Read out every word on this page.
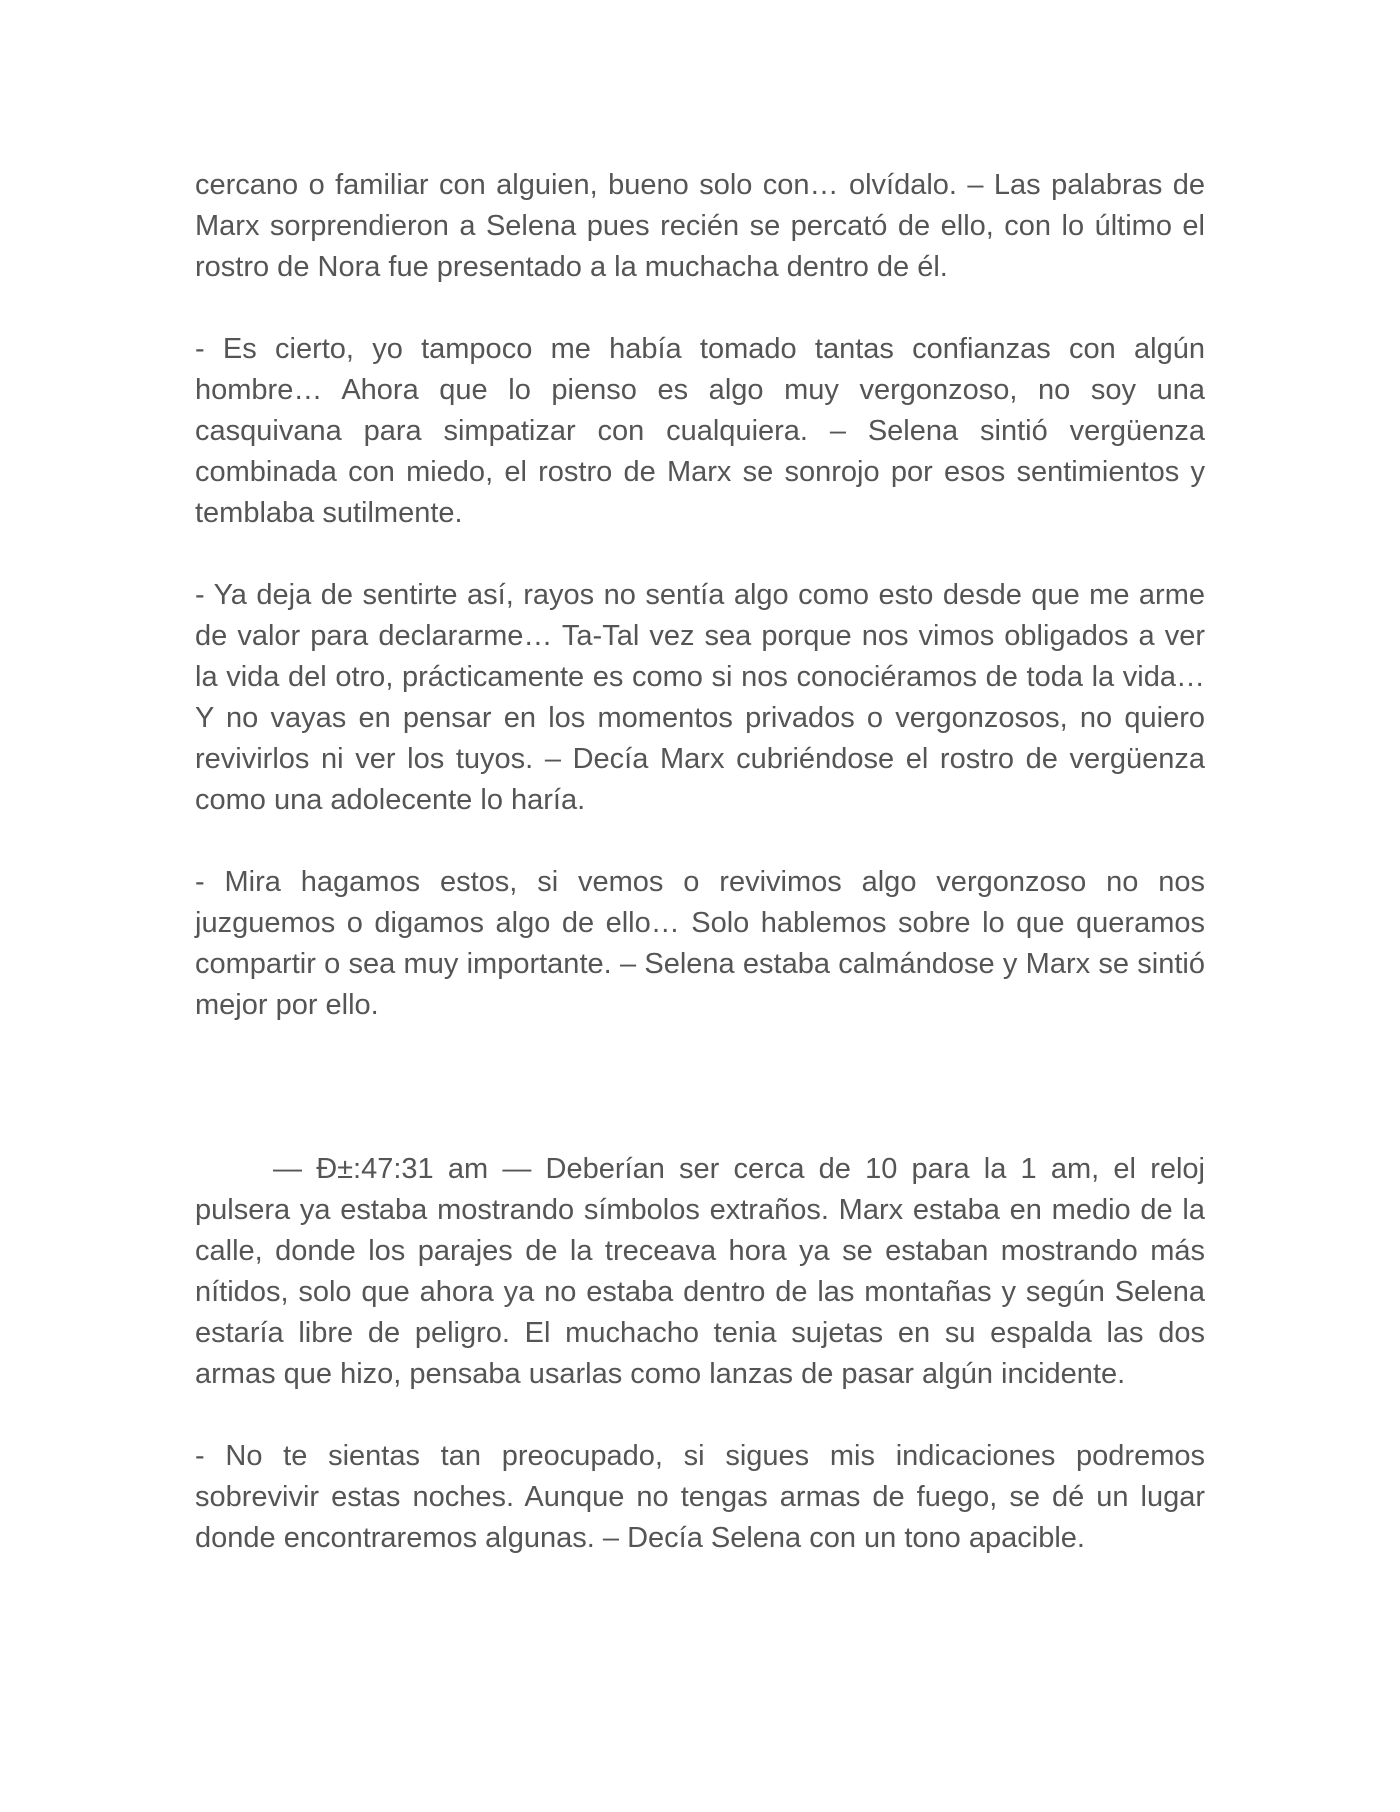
cercano o familiar con alguien, bueno solo con… olvídalo. – Las palabras de Marx sorprendieron a Selena pues recién se percató de ello, con lo último el rostro de Nora fue presentado a la muchacha dentro de él.

- Es cierto, yo tampoco me había tomado tantas confianzas con algún hombre… Ahora que lo pienso es algo muy vergonzoso, no soy una casquivana para simpatizar con cualquiera. – Selena sintió vergüenza combinada con miedo, el rostro de Marx se sonrojo por esos sentimientos y temblaba sutilmente.

- Ya deja de sentirte así, rayos no sentía algo como esto desde que me arme de valor para declararme… Ta-Tal vez sea porque nos vimos obligados a ver la vida del otro, prácticamente es como si nos conociéramos de toda la vida… Y no vayas en pensar en los momentos privados o vergonzosos, no quiero revivirlos ni ver los tuyos. – Decía Marx cubriéndose el rostro de vergüenza como una adolecente lo haría.

- Mira hagamos estos, si vemos o revivimos algo vergonzoso no nos juzguemos o digamos algo de ello… Solo hablemos sobre lo que queramos compartir o sea muy importante. – Selena estaba calmándose y Marx se sintió mejor por ello.

— Ð±:47:31 am — Deberían ser cerca de 10 para la 1 am, el reloj pulsera ya estaba mostrando símbolos extraños. Marx estaba en medio de la calle, donde los parajes de la treceava hora ya se estaban mostrando más nítidos, solo que ahora ya no estaba dentro de las montañas y según Selena estaría libre de peligro. El muchacho tenia sujetas en su espalda las dos armas que hizo, pensaba usarlas como lanzas de pasar algún incidente.

- No te sientas tan preocupado, si sigues mis indicaciones podremos sobrevivir estas noches. Aunque no tengas armas de fuego, se dé un lugar donde encontraremos algunas. – Decía Selena con un tono apacible.
